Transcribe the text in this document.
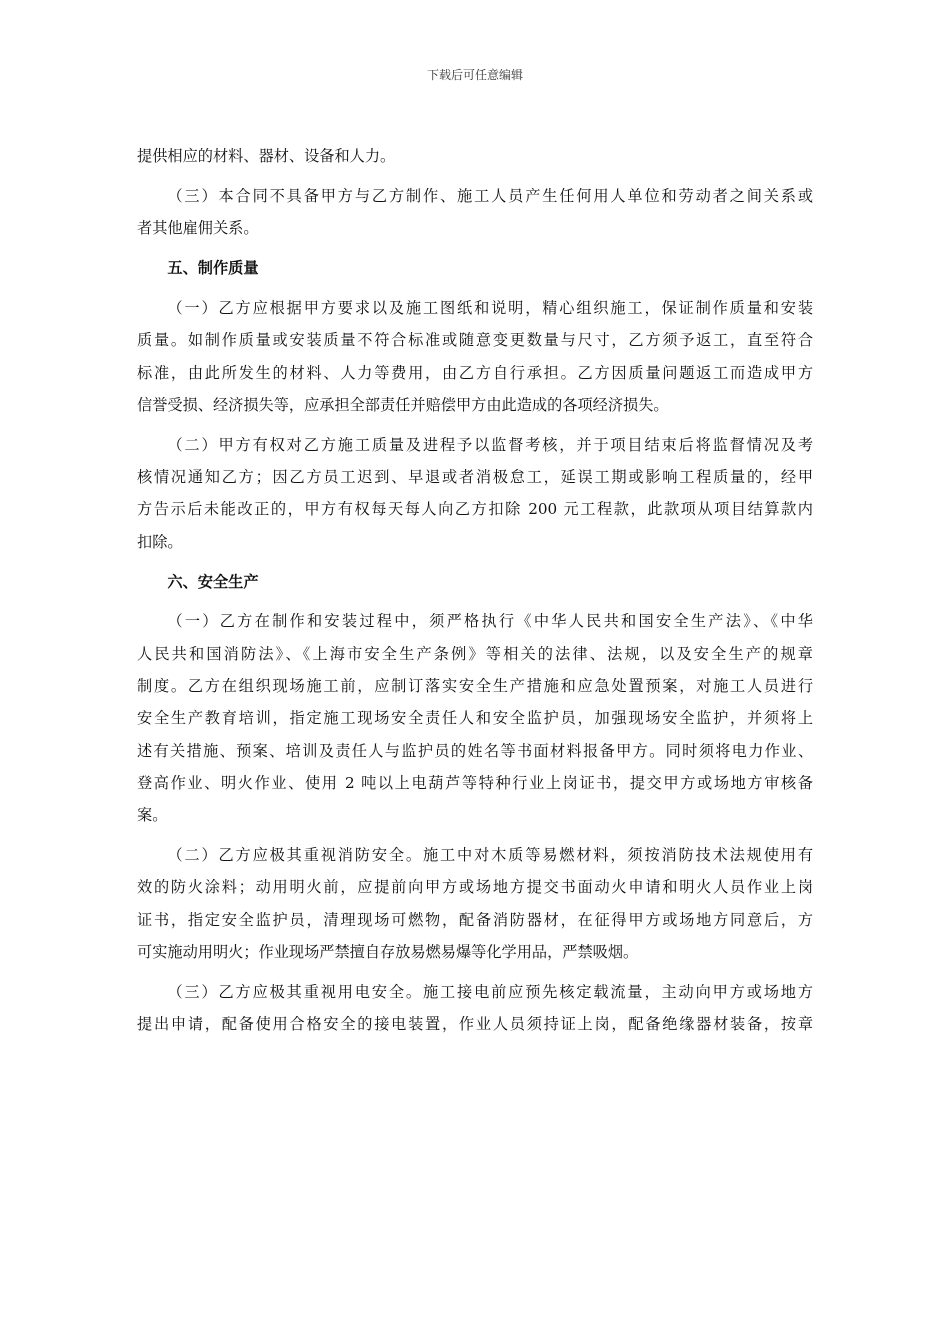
下载后可任意编辑
提供相应的材料、器材、设备和人力。
（三）本合同不具备甲方与乙方制作、施工人员产生任何用人单位和劳动者之间关系或
者其他雇佣关系。
五、制作质量
（一）乙方应根据甲方要求以及施工图纸和说明，精心组织施工，保证制作质量和安装
质量。如制作质量或安装质量不符合标准或随意变更数量与尺寸，乙方须予返工，直至符合
标准，由此所发生的材料、人力等费用，由乙方自行承担。乙方因质量问题返工而造成甲方
信誉受损、经济损失等，应承担全部责任并赔偿甲方由此造成的各项经济损失。
（二）甲方有权对乙方施工质量及进程予以监督考核，并于项目结束后将监督情况及考
核情况通知乙方；因乙方员工迟到、早退或者消极怠工，延误工期或影响工程质量的，经甲
方告示后未能改正的，甲方有权每天每人向乙方扣除 200 元工程款，此款项从项目结算款内
扣除。
六、安全生产
（一）乙方在制作和安装过程中，须严格执行《中华人民共和国安全生产法》、《中华
人民共和国消防法》、《上海市安全生产条例》等相关的法律、法规，以及安全生产的规章
制度。乙方在组织现场施工前，应制订落实安全生产措施和应急处置预案，对施工人员进行
安全生产教育培训，指定施工现场安全责任人和安全监护员，加强现场安全监护，并须将上
述有关措施、预案、培训及责任人与监护员的姓名等书面材料报备甲方。同时须将电力作业、
登高作业、明火作业、使用 2 吨以上电葫芦等特种行业上岗证书，提交甲方或场地方审核备
案。
（二）乙方应极其重视消防安全。施工中对木质等易燃材料，须按消防技术法规使用有
效的防火涂料；动用明火前，应提前向甲方或场地方提交书面动火申请和明火人员作业上岗
证书，指定安全监护员，清理现场可燃物，配备消防器材，在征得甲方或场地方同意后，方
可实施动用明火；作业现场严禁擅自存放易燃易爆等化学用品，严禁吸烟。
（三）乙方应极其重视用电安全。施工接电前应预先核定载流量，主动向甲方或场地方
提出申请，配备使用合格安全的接电装置，作业人员须持证上岗，配备绝缘器材装备，按章
